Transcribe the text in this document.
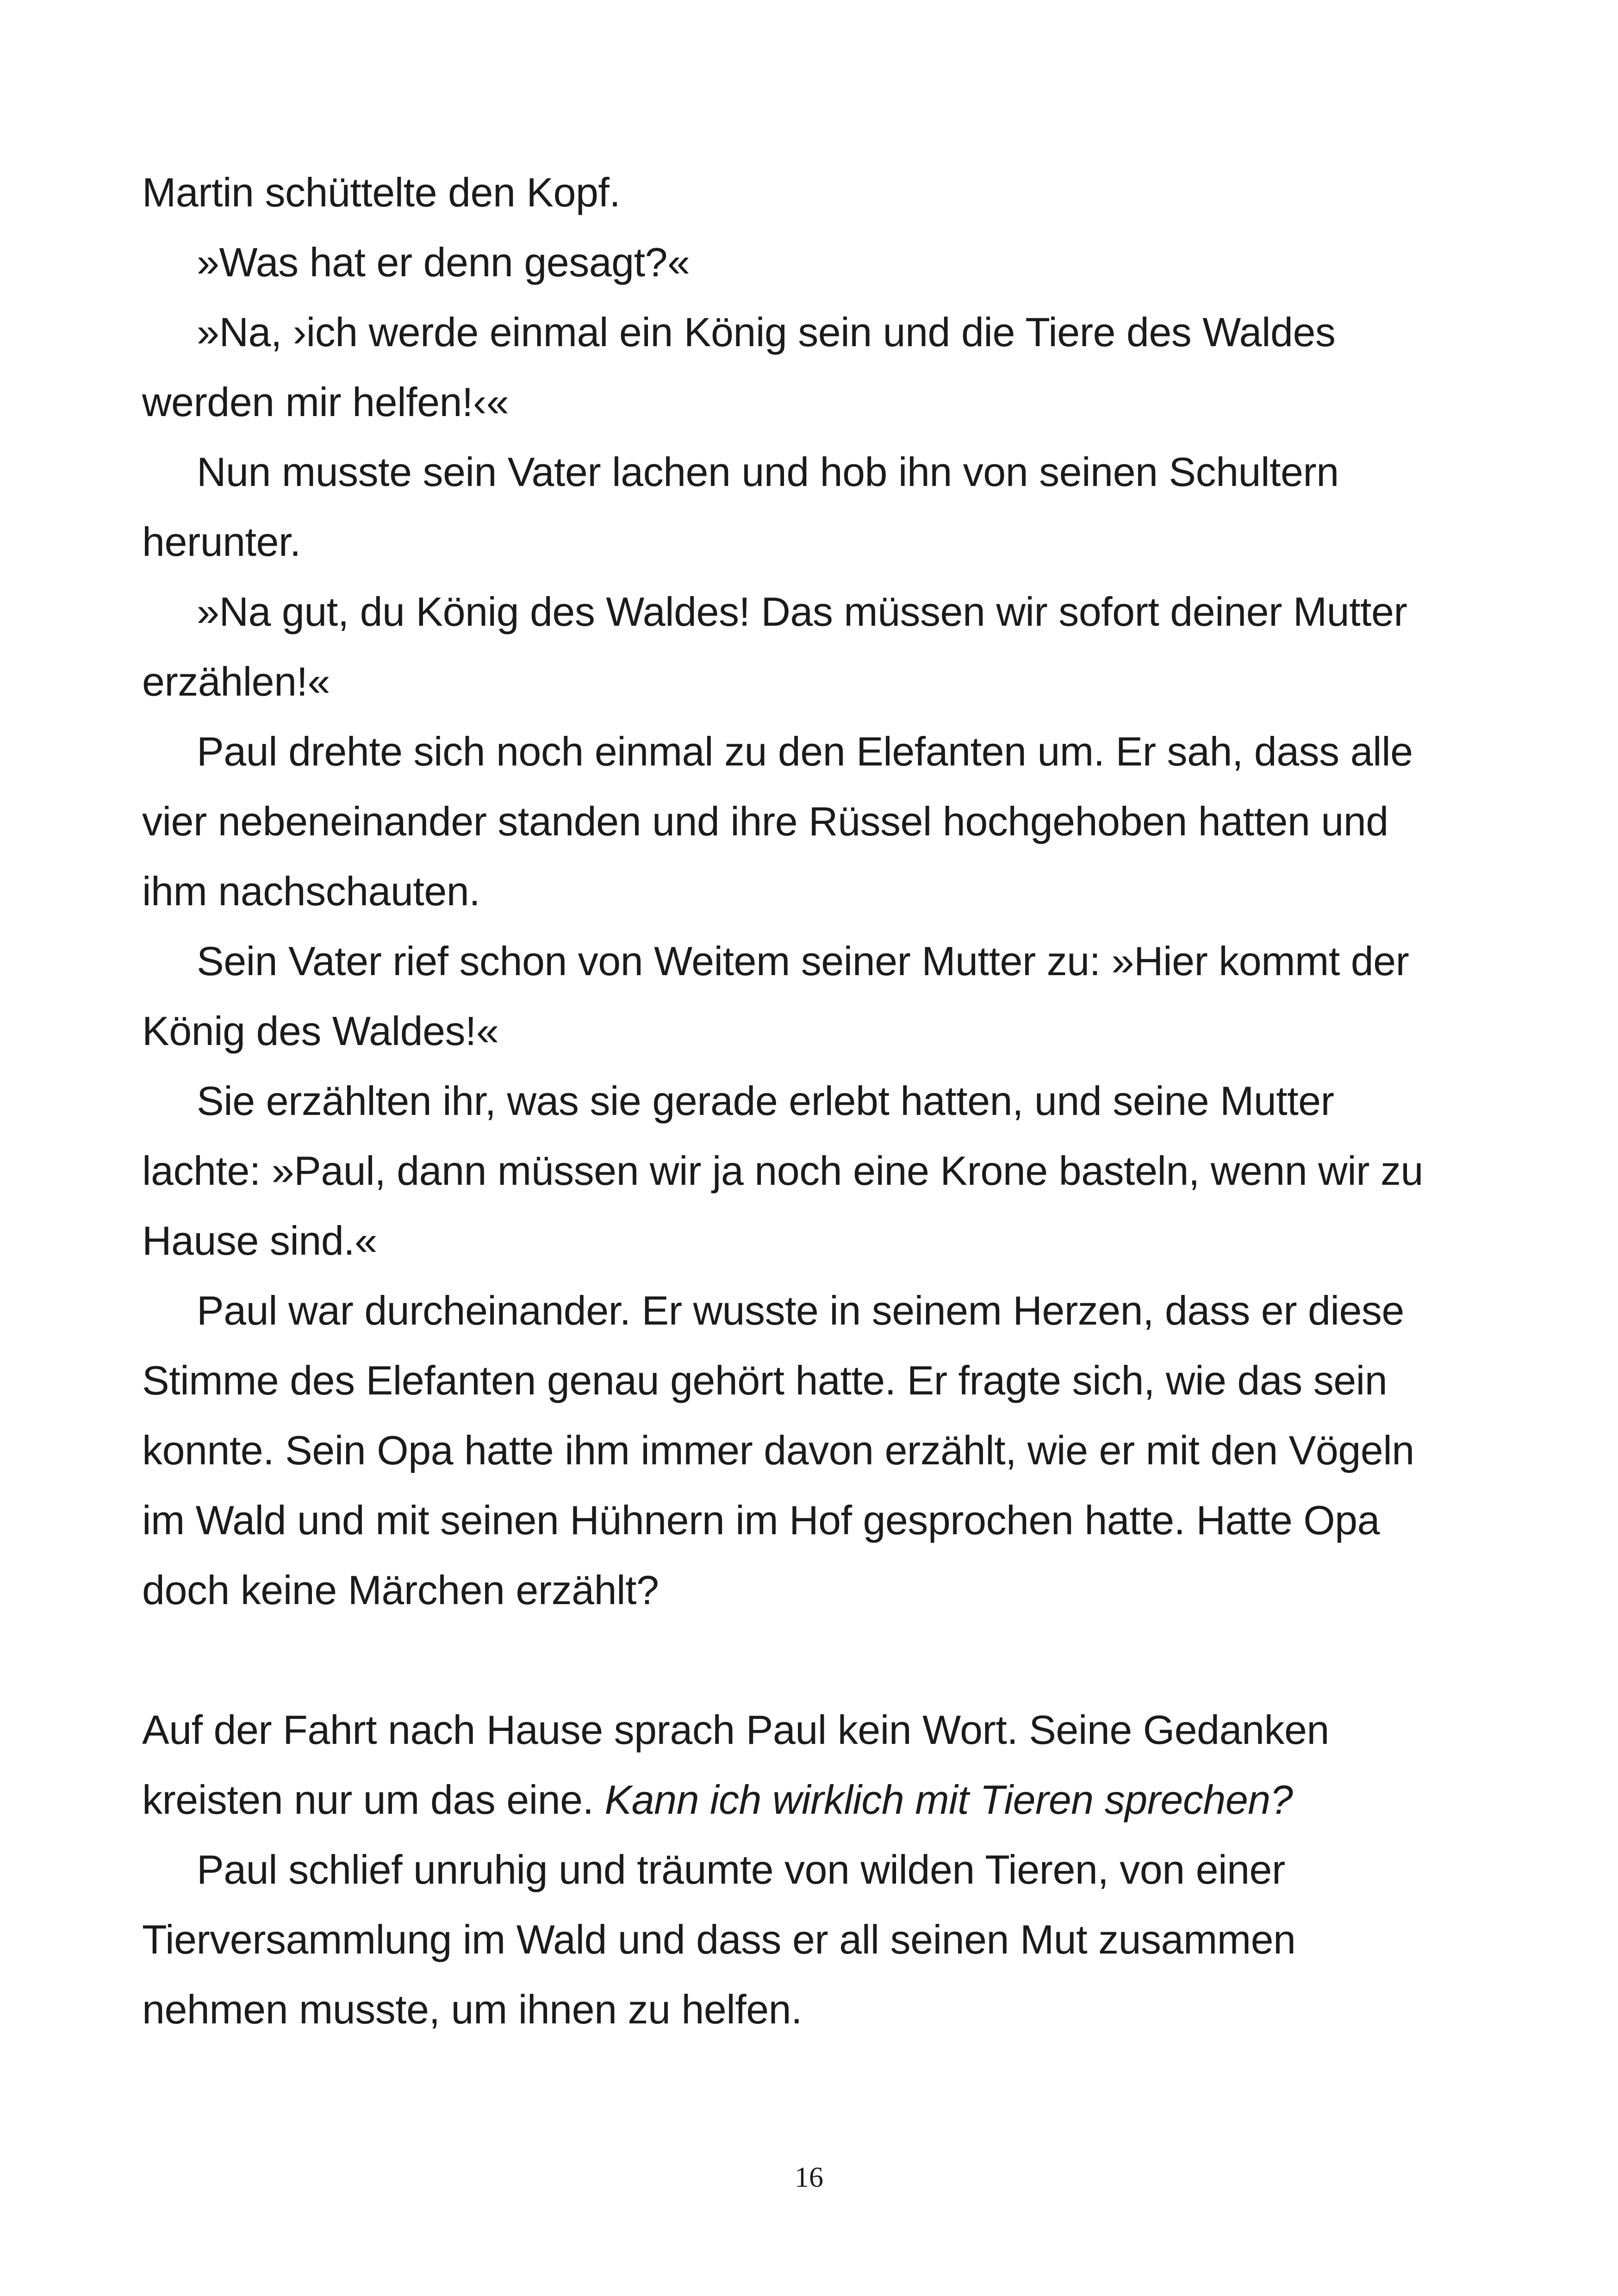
Martin schüttelte den Kopf.

»Was hat er denn gesagt?«

»Na, ›ich werde einmal ein König sein und die Tiere des Waldes
werden mir helfen!‹«

Nun musste sein Vater lachen und hob ihn von seinen Schultern
herunter.

»Na gut, du König des Waldes! Das müssen wir sofort deiner Mutter
erzählen!«

Paul drehte sich noch einmal zu den Elefanten um. Er sah, dass alle
vier nebeneinander standen und ihre Rüssel hochgehoben hatten und
ihm nachschauten.

Sein Vater rief schon von Weitem seiner Mutter zu: »Hier kommt der
König des Waldes!«

Sie erzählten ihr, was sie gerade erlebt hatten, und seine Mutter
lachte: »Paul, dann müssen wir ja noch eine Krone basteln, wenn wir zu
Hause sind.«

Paul war durcheinander. Er wusste in seinem Herzen, dass er diese
Stimme des Elefanten genau gehört hatte. Er fragte sich, wie das sein
konnte. Sein Opa hatte ihm immer davon erzählt, wie er mit den Vögeln
im Wald und mit seinen Hühnern im Hof gesprochen hatte. Hatte Opa
doch keine Märchen erzählt?

Auf der Fahrt nach Hause sprach Paul kein Wort. Seine Gedanken
kreisten nur um das eine. Kann ich wirklich mit Tieren sprechen?

Paul schlief unruhig und träumte von wilden Tieren, von einer
Tierversammlung im Wald und dass er all seinen Mut zusammen
nehmen musste, um ihnen zu helfen.

16
